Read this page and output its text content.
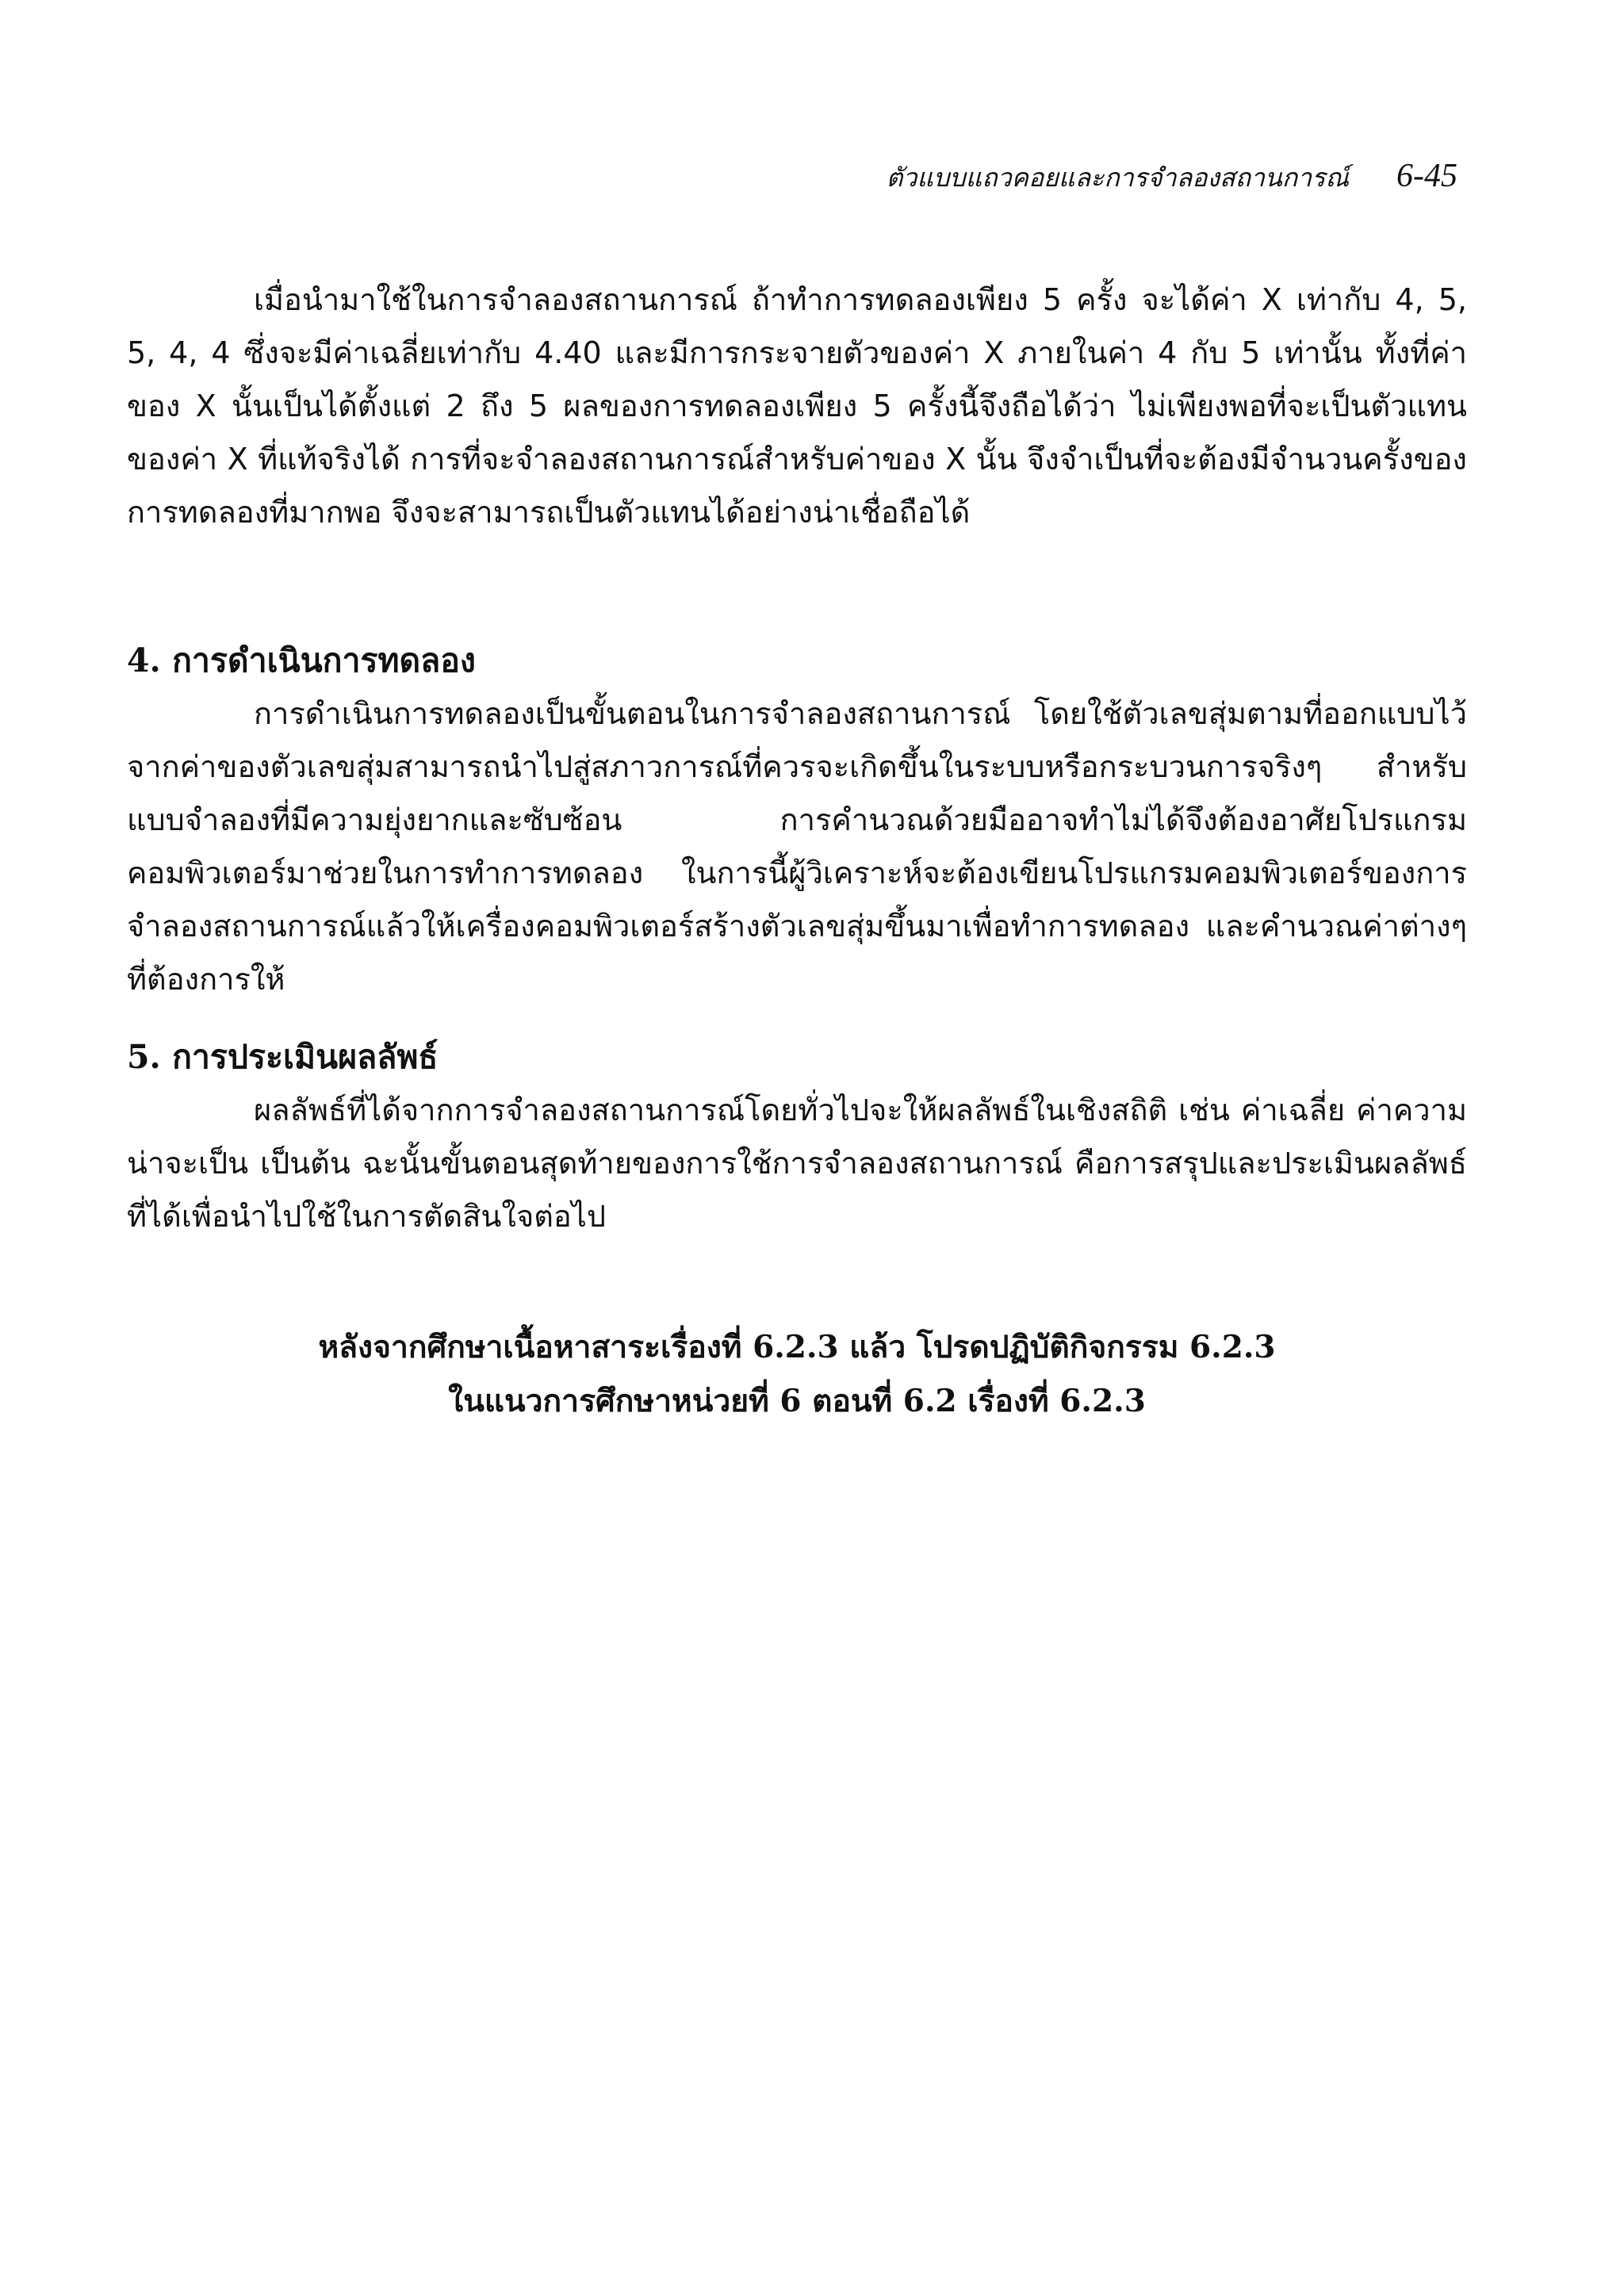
ตัวแบบแถวคอยและการจำลองสถานการณ์ 6-45

เมื่อนำมาใช้ในการจำลองสถานการณ์ ถ้าทำการทดลองเพียง 5 ครั้ง จะได้ค่า X เท่ากับ 4, 5, 5, 4, 4 ซึ่งจะมีค่าเฉลี่ยเท่ากับ 4.40 และมีการกระจายตัวของค่า X ภายในค่า 4 กับ 5 เท่านั้น ทั้งที่ค่าของ X นั้นเป็นได้ตั้งแต่ 2 ถึง 5 ผลของการทดลองเพียง 5 ครั้งนี้จึงถือได้ว่า ไม่เพียงพอที่จะเป็นตัวแทนของค่า X ที่แท้จริงได้ การที่จะจำลองสถานการณ์สำหรับค่าของ X นั้น จึงจำเป็นที่จะต้องมีจำนวนครั้งของการทดลองที่มากพอ จึงจะสามารถเป็นตัวแทนได้อย่างน่าเชื่อถือได้

4. การดำเนินการทดลอง

การดำเนินการทดลองเป็นขั้นตอนในการจำลองสถานการณ์ โดยใช้ตัวเลขสุ่มตามที่ออกแบบไว้จากค่าของตัวเลขสุ่มสามารถนำไปสู่สภาวการณ์ที่ควรจะเกิดขึ้นในระบบหรือกระบวนการจริงๆ สำหรับแบบจำลองที่มีความยุ่งยากและซับซ้อน การคำนวณด้วยมืออาจทำไม่ได้จึงต้องอาศัยโปรแกรมคอมพิวเตอร์มาช่วยในการทำการทดลอง ในการนี้ผู้วิเคราะห์จะต้องเขียนโปรแกรมคอมพิวเตอร์ของการจำลองสถานการณ์แล้วให้เครื่องคอมพิวเตอร์สร้างตัวเลขสุ่มขึ้นมาเพื่อทำการทดลอง และคำนวณค่าต่างๆ ที่ต้องการให้

5. การประเมินผลลัพธ์

ผลลัพธ์ที่ได้จากการจำลองสถานการณ์โดยทั่วไปจะให้ผลลัพธ์ในเชิงสถิติ เช่น ค่าเฉลี่ย ค่าความน่าจะเป็น เป็นต้น ฉะนั้นขั้นตอนสุดท้ายของการใช้การจำลองสถานการณ์ คือการสรุปและประเมินผลลัพธ์ที่ได้เพื่อนำไปใช้ในการตัดสินใจต่อไป

หลังจากศึกษาเนื้อหาสาระเรื่องที่ 6.2.3 แล้ว โปรดปฏิบัติกิจกรรม 6.2.3
ในแนวการศึกษาหน่วยที่ 6 ตอนที่ 6.2 เรื่องที่ 6.2.3
